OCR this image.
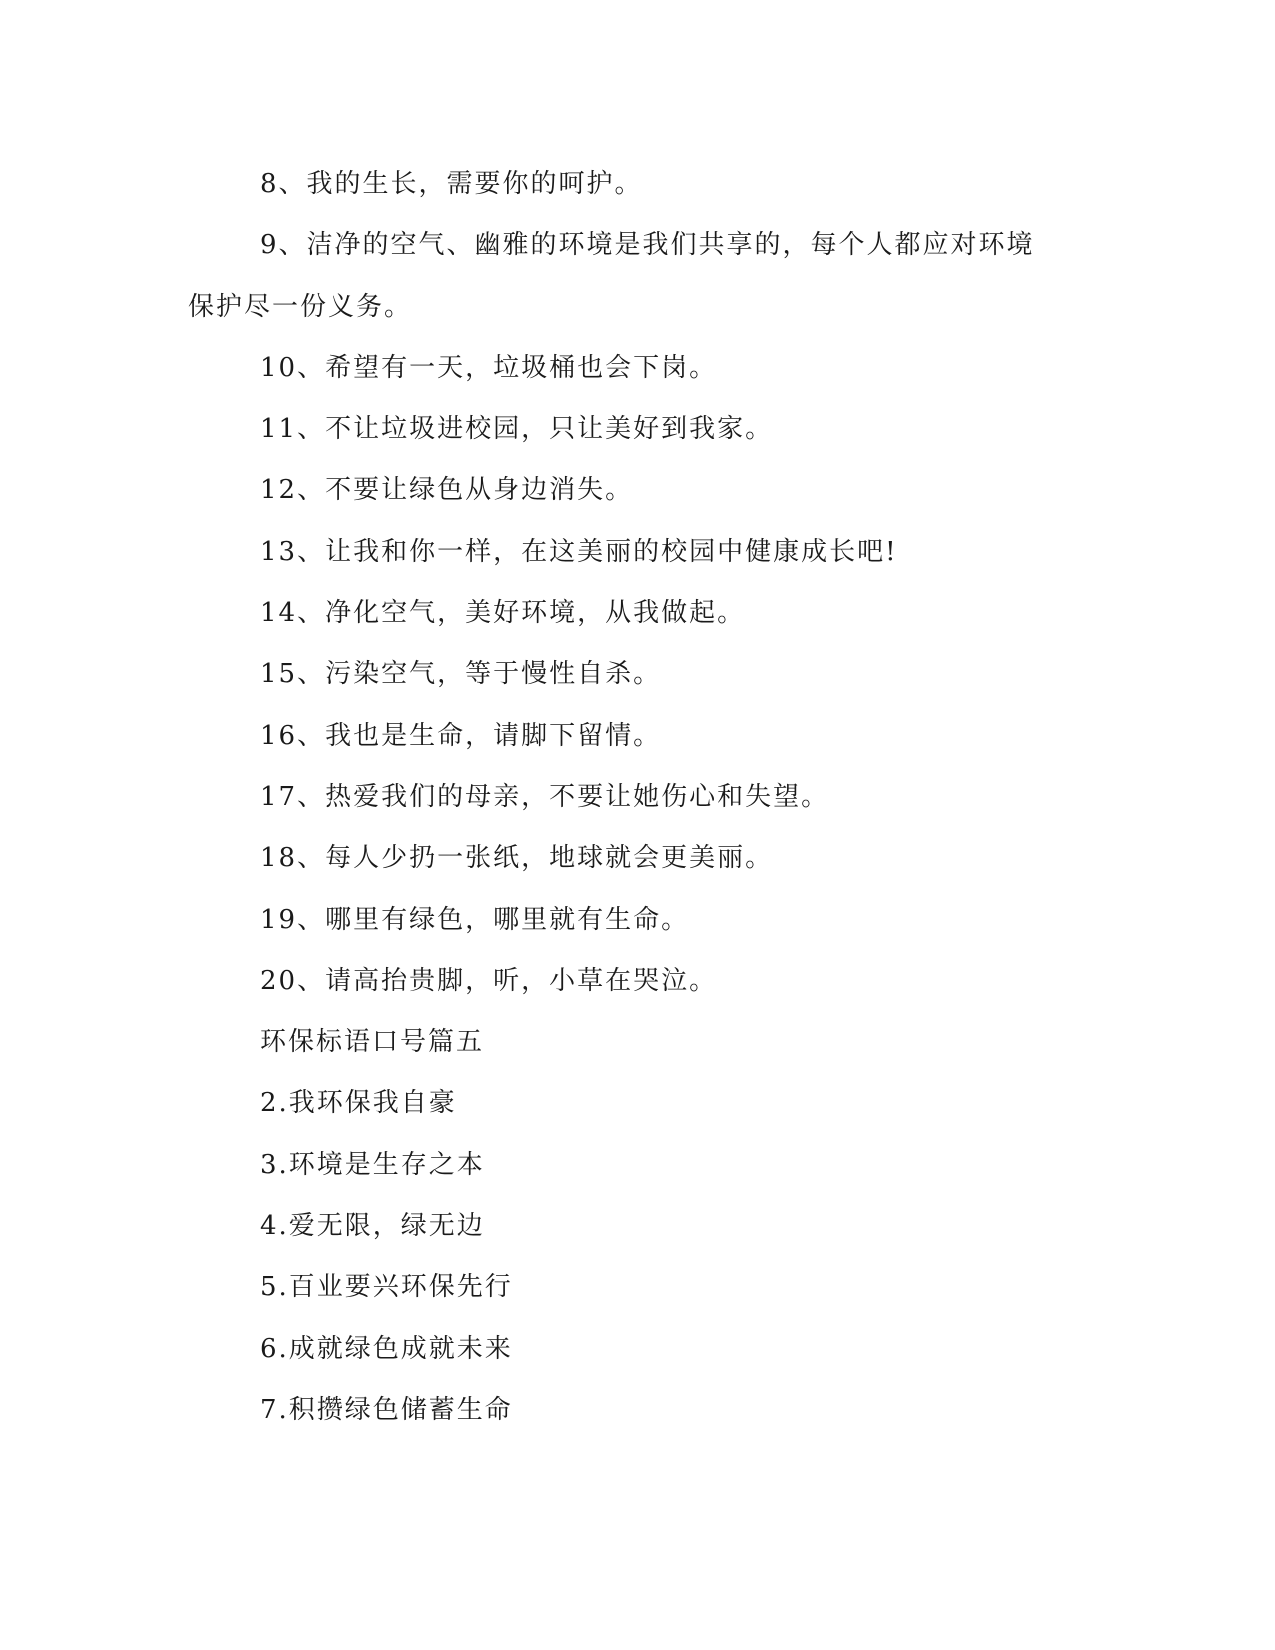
8、我的生长，需要你的呵护。
9、洁净的空气、幽雅的环境是我们共享的，每个人都应对环境
保护尽一份义务。
10、希望有一天，垃圾桶也会下岗。
11、不让垃圾进校园，只让美好到我家。
12、不要让绿色从身边消失。
13、让我和你一样，在这美丽的校园中健康成长吧!
14、净化空气，美好环境，从我做起。
15、污染空气，等于慢性自杀。
16、我也是生命，请脚下留情。
17、热爱我们的母亲，不要让她伤心和失望。
18、每人少扔一张纸，地球就会更美丽。
19、哪里有绿色，哪里就有生命。
20、请高抬贵脚，听，小草在哭泣。
环保标语口号篇五
2.我环保我自豪
3.环境是生存之本
4.爱无限，绿无边
5.百业要兴环保先行
6.成就绿色成就未来
7.积攒绿色储蓄生命
